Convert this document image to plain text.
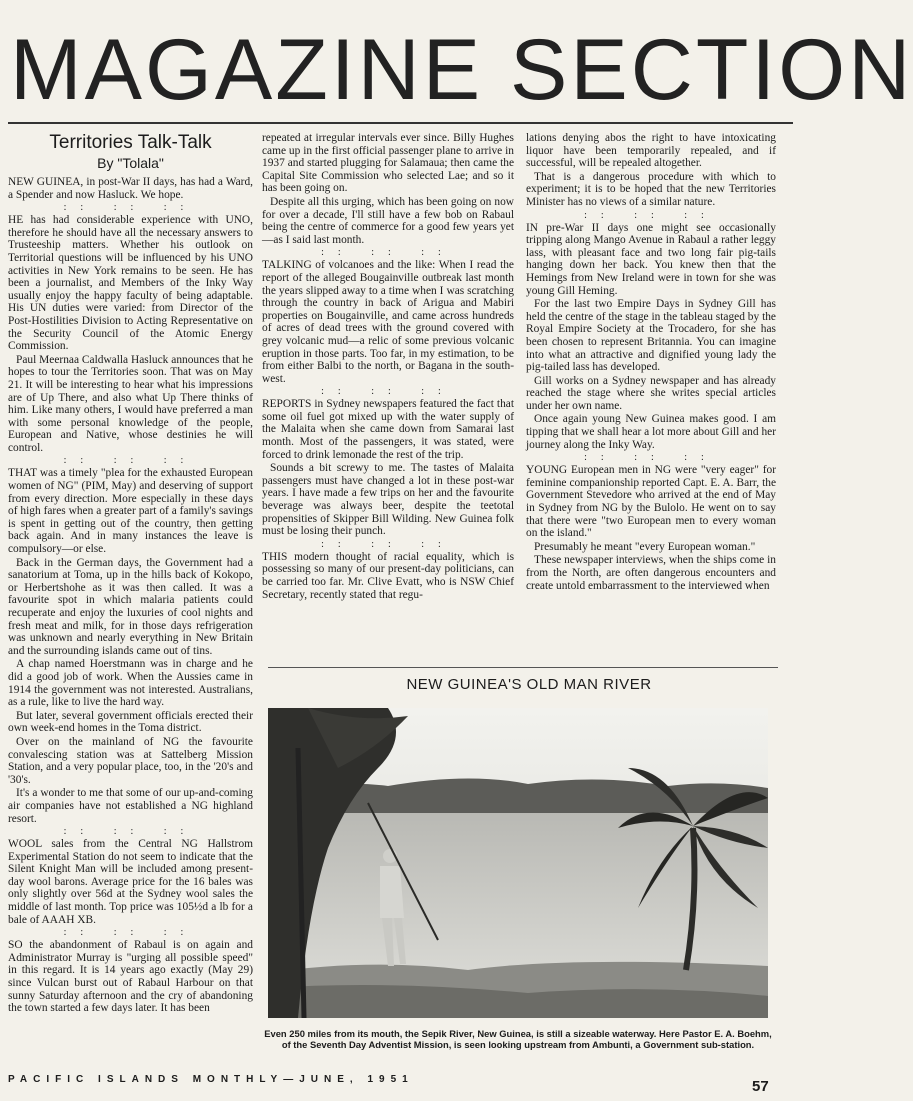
MAGAZINE SECTION
Territories Talk-Talk
By "Tolala"

NEW GUINEA, in post-War II days, has had a Ward, a Spender and now Hasluck. We hope.

:: :: ::

HE has had considerable experience with UNO, therefore he should have all the necessary answers to Trusteeship matters. Whether his outlook on Territorial questions will be influenced by his UNO activities in New York remains to be seen. He has been a journalist, and Members of the Inky Way usually enjoy the happy faculty of being adaptable. His UN duties were varied: from Director of the Post-Hostilities Division to Acting Representative on the Security Council of the Atomic Energy Commission.

Paul Meernaa Caldwalla Hasluck announces that he hopes to tour the Territories soon. That was on May 21. It will be interesting to hear what his impressions are of Up There, and also what Up There thinks of him. Like many others, I would have preferred a man with some personal knowledge of the people, European and Native, whose destinies he will control.

:: :: ::

THAT was a timely "plea for the exhausted European women of NG" (PIM, May) and deserving of support from every direction. More especially in these days of high fares when a greater part of a family's savings is spent in getting out of the country, then getting back again. And in many instances the leave is compulsory—or else.

Back in the German days, the Government had a sanatorium at Toma, up in the hills back of Kokopo, or Herbertshohe as it was then called. It was a favourite spot in which malaria patients could recuperate and enjoy the luxuries of cool nights and fresh meat and milk, for in those days refrigeration was unknown and nearly everything in New Britain and the surrounding islands came out of tins.

A chap named Hoerstmann was in charge and he did a good job of work. When the Aussies came in 1914 the government was not interested. Australians, as a rule, like to live the hard way.

But later, several government officials erected their own week-end homes in the Toma district.

Over on the mainland of NG the favourite convalescing station was at Sattelberg Mission Station, and a very popular place, too, in the '20's and '30's.

It's a wonder to me that some of our up-and-coming air companies have not established a NG highland resort.

:: :: ::

WOOL sales from the Central NG Hallstrom Experimental Station do not seem to indicate that the Silent Knight Man will be included among present-day wool barons. Average price for the 16 bales was only slightly over 56d at the Sydney wool sales the middle of last month. Top price was 105½d a lb for a bale of AAAH XB.

:: :: ::

SO the abandonment of Rabaul is on again and Administrator Murray is "urging all possible speed" in this regard. It is 14 years ago exactly (May 29) since Vulcan burst out of Rabaul Harbour on that sunny Saturday afternoon and the cry of abandoning the town started a few days later. It has been

repeated at irregular intervals ever since. Billy Hughes came up in the first official passenger plane to arrive in 1937 and started plugging for Salamaua; then came the Capital Site Commission who selected Lae; and so it has been going on.

Despite all this urging, which has been going on now for over a decade, I'll still have a few bob on Rabaul being the centre of commerce for a good few years yet—as I said last month.

:: :: ::

TALKING of volcanoes and the like: When I read the report of the alleged Bougainville outbreak last month the years slipped away to a time when I was scratching through the country in back of Arigua and Mabiri properties on Bougainville, and came across hundreds of acres of dead trees with the ground covered with grey volcanic mud—a relic of some previous volcanic eruption in those parts. Too far, in my estimation, to be from either Balbi to the north, or Bagana in the south-west.

:: :: ::

REPORTS in Sydney newspapers featured the fact that some oil fuel got mixed up with the water supply of the Malaita when she came down from Samarai last month. Most of the passengers, it was stated, were forced to drink lemonade the rest of the trip.

Sounds a bit screwy to me. The tastes of Malaita passengers must have changed a lot in these post-war years. I have made a few trips on her and the favourite beverage was always beer, despite the teetotal propensities of Skipper Bill Wilding. New Guinea folk must be losing their punch.

:: :: ::

THIS modern thought of racial equality, which is possessing so many of our present-day politicians, can be carried too far. Mr. Clive Evatt, who is NSW Chief Secretary, recently stated that regu-

lations denying abos the right to have intoxicating liquor have been temporarily repealed, and if successful, will be repealed altogether.

That is a dangerous procedure with which to experiment; it is to be hoped that the new Territories Minister has no views of a similar nature.

:: :: ::

IN pre-War II days one might see occasionally tripping along Mango Avenue in Rabaul a rather leggy lass, with pleasant face and two long fair pig-tails hanging down her back. You knew then that the Hemings from New Ireland were in town for she was young Gill Heming.

For the last two Empire Days in Sydney Gill has held the centre of the stage in the tableau staged by the Royal Empire Society at the Trocadero, for she has been chosen to represent Britannia. You can imagine into what an attractive and dignified young lady the pig-tailed lass has developed.

Gill works on a Sydney newspaper and has already reached the stage where she writes special articles under her own name.

Once again young New Guinea makes good. I am tipping that we shall hear a lot more about Gill and her journey along the Inky Way.

:: :: ::

YOUNG European men in NG were "very eager" for feminine companionship reported Capt. E. A. Barr, the Government Stevedore who arrived at the end of May in Sydney from NG by the Bulolo. He went on to say that there were "two European men to every woman on the island."

Presumably he meant "every European woman."

These newspaper interviews, when the ships come in from the North, are often dangerous encounters and create untold embarrassment to the interviewed when

NEW GUINEA'S OLD MAN RIVER
Even 250 miles from its mouth, the Sepik River, New Guinea, is still a sizeable waterway. Here Pastor E. A. Boehm, of the Seventh Day Adventist Mission, is seen looking upstream from Ambunti, a Government sub-station.
PACIFIC ISLANDS MONTHLY—JUNE, 1951	57
